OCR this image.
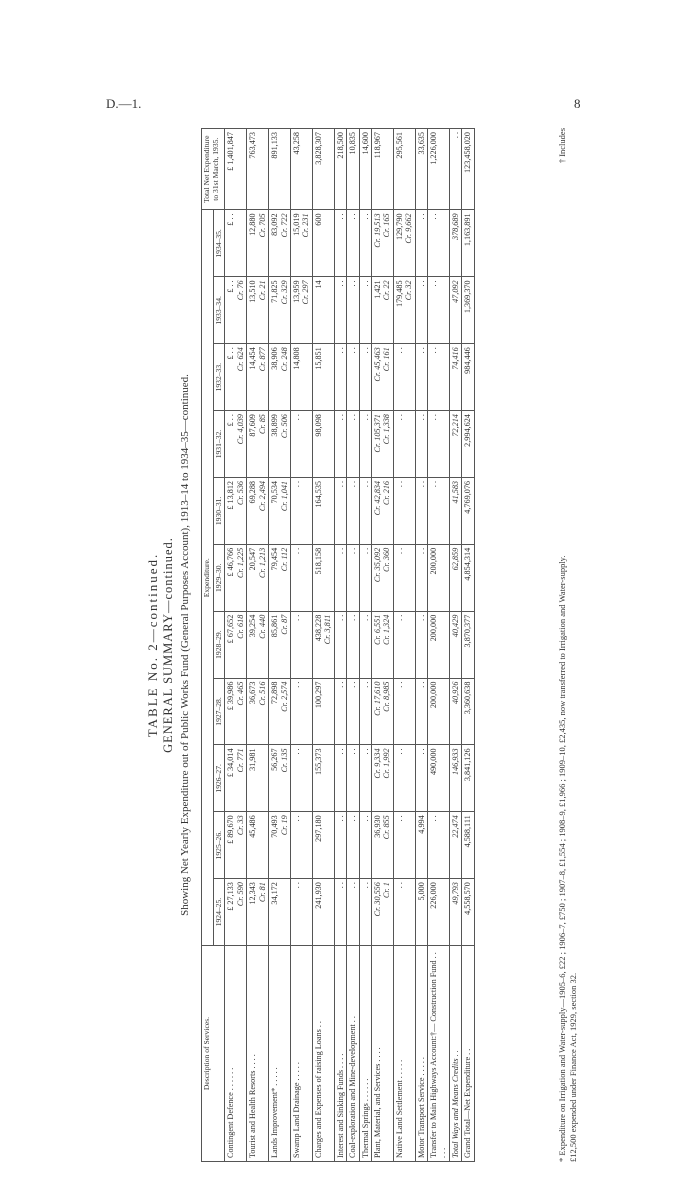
D.—1.	8
TABLE No. 2—continued. GENERAL SUMMARY—continued. Showing Net Yearly Expenditure out of Public Works Fund (General Purposes Account), 1913–14 to 1934–35—continued.
Description of Services.	Expenditure.											Total Net Expenditure to 31st March, 1935.
	1924–25.	1925–26.	1926–27.	1927–28.	1928–29.	1929–30.	1930–31.	1931–32.	1932–33.	1933–34.	1934–35.	
Contingent Defence . . . . . .	£ 27,133 Cr. 590	£ 89,670 Cr. 33	£ 34,014 Cr. 771	£ 39,986 Cr. 465	£ 67,652 Cr. 618	£ 46,766 Cr. 1,225	£ 13,812 Cr. 536	£ . . Cr. 4,039	£ . . Cr. 624	£ . . Cr. 76	£ . .	£ 1,401,847
Tourist and Health Resorts . . . .	12,343 Cr. 81	45,486	31,981	36,673 Cr. 516	39,254 Cr. 440	20,547 Cr. 1,213	69,288 Cr. 2,494	87,609 Cr. 85	14,454 Cr. 877	13,510 Cr. 21	12,880 Cr. 705	763,473
Lands Improvement* . . . . .	34,172	70,493 Cr. 19	56,267 Cr. 135	72,898 Cr. 2,574	85,861 Cr. 87	79,454 Cr. 112	70,534 Cr. 1,041	38,899 Cr. 506	38,906 Cr. 248	71,825 Cr. 329	83,092 Cr. 722	891,133
Swamp Land Drainage . . . . .	. .	. .	. .	. .	. .	. .	. .	. .	14,808	13,959 Cr. 297	15,019 Cr. 231	43,258
Charges and Expenses of raising Loans . .	241,930	297,180	155,373	100,297	438,228 Cr. 3,811	518,158	164,535	98,098	15,851	14	600	3,828,307
Interest and Sinking Funds . . . .	. .	. .	. .	. .	. .	. .	. .	. .	. .	. .	. .	218,500
Coal-exploration and Mine-development . .	. .	. .	. .	. .	. .	. .	. .	. .	. .	. .	. .	10,835
Thermal Springs . . . . . .	. .	. .	. .	. .	. .	. .	. .	. .	. .	. .	. .	14,600
Plant, Material, and Services . . . .	Cr. 30,556 Cr. 1	36,930 Cr. 855	Cr. 9,334 Cr. 1,992	Cr. 17,610 Cr. 8,985	Cr. 6,551 Cr. 1,324	Cr. 35,092 Cr. 360	Cr. 42,834 Cr. 216	Cr. 105,371 Cr. 1,338	Cr. 45,463 Cr. 161	1,421 Cr. 22	Cr. 19,513 Cr. 165	118,967
Native Land Settlement . . . . .	. .	. .	. .	. .	. .	. .	. .	. .	. .	179,485 Cr. 32	129,790 Cr. 9,662	295,561
Motor Transport Service . . . . .	5,000	4,994	. .	. .	. .	. .	. .	. .	. .	. .	. .	33,635
Transfer to Main Highways Account:†— Construction Fund . . . . .	226,000	. .	490,000	200,000	200,000	200,000	. .	. .	. .	. .	. .	1,226,000
Total Ways and Means Credits . .	49,793	22,474	146,933	40,926	40,429	62,859	41,583	72,214	74,416	47,092	378,689	. .
Grand Total—Net Expenditure . .	4,558,570	4,588,111	3,841,126	3,360,638	3,870,377	4,854,314	4,769,076	2,994,624	984,446	1,369,370	1,163,891	123,458,020
* Expenditure on Irrigation and Water-supply—1905–6, £22 ; 1906–7, £750 ; 1907–8, £1,554 ; 1908–9, £1,966 ; 1909–10, £2,435, now transferred to Irrigation and Water-supply. £12,500 expended under Finance Act, 1929, section 32.
† Includes
